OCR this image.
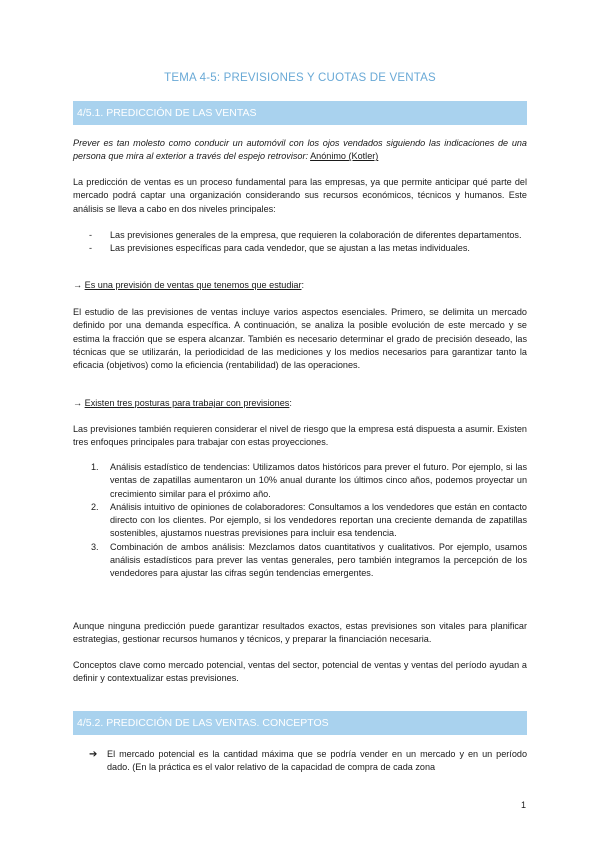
TEMA 4-5: PREVISIONES Y CUOTAS DE VENTAS
4/5.1. PREDICCIÓN DE LAS VENTAS

Prever es tan molesto como conducir un automóvil con los ojos vendados siguiendo las indicaciones de una persona que mira al exterior a través del espejo retrovisor: Anónimo (Kotler)

La predicción de ventas es un proceso fundamental para las empresas, ya que permite anticipar qué parte del mercado podrá captar una organización considerando sus recursos económicos, técnicos y humanos. Este análisis se lleva a cabo en dos niveles principales:

- Las previsiones generales de la empresa, que requieren la colaboración de diferentes departamentos.
- Las previsiones específicas para cada vendedor, que se ajustan a las metas individuales.

→ Es una previsión de ventas que tenemos que estudiar:

El estudio de las previsiones de ventas incluye varios aspectos esenciales. Primero, se delimita un mercado definido por una demanda específica. A continuación, se analiza la posible evolución de este mercado y se estima la fracción que se espera alcanzar. También es necesario determinar el grado de precisión deseado, las técnicas que se utilizarán, la periodicidad de las mediciones y los medios necesarios para garantizar tanto la eficacia (objetivos) como la eficiencia (rentabilidad) de las operaciones.

→ Existen tres posturas para trabajar con previsiones:

Las previsiones también requieren considerar el nivel de riesgo que la empresa está dispuesta a asumir. Existen tres enfoques principales para trabajar con estas proyecciones.

1. Análisis estadístico de tendencias: Utilizamos datos históricos para prever el futuro. Por ejemplo, si las ventas de zapatillas aumentaron un 10% anual durante los últimos cinco años, podemos proyectar un crecimiento similar para el próximo año.
2. Análisis intuitivo de opiniones de colaboradores: Consultamos a los vendedores que están en contacto directo con los clientes. Por ejemplo, si los vendedores reportan una creciente demanda de zapatillas sostenibles, ajustamos nuestras previsiones para incluir esa tendencia.
3. Combinación de ambos análisis: Mezclamos datos cuantitativos y cualitativos. Por ejemplo, usamos análisis estadísticos para prever las ventas generales, pero también integramos la percepción de los vendedores para ajustar las cifras según tendencias emergentes.

Aunque ninguna predicción puede garantizar resultados exactos, estas previsiones son vitales para planificar estrategias, gestionar recursos humanos y técnicos, y preparar la financiación necesaria.

Conceptos clave como mercado potencial, ventas del sector, potencial de ventas y ventas del período ayudan a definir y contextualizar estas previsiones.

4/5.2. PREDICCIÓN DE LAS VENTAS. CONCEPTOS
➔ El mercado potencial es la cantidad máxima que se podría vender en un mercado y en un período dado. (En la práctica es el valor relativo de la capacidad de compra de cada zona
1
